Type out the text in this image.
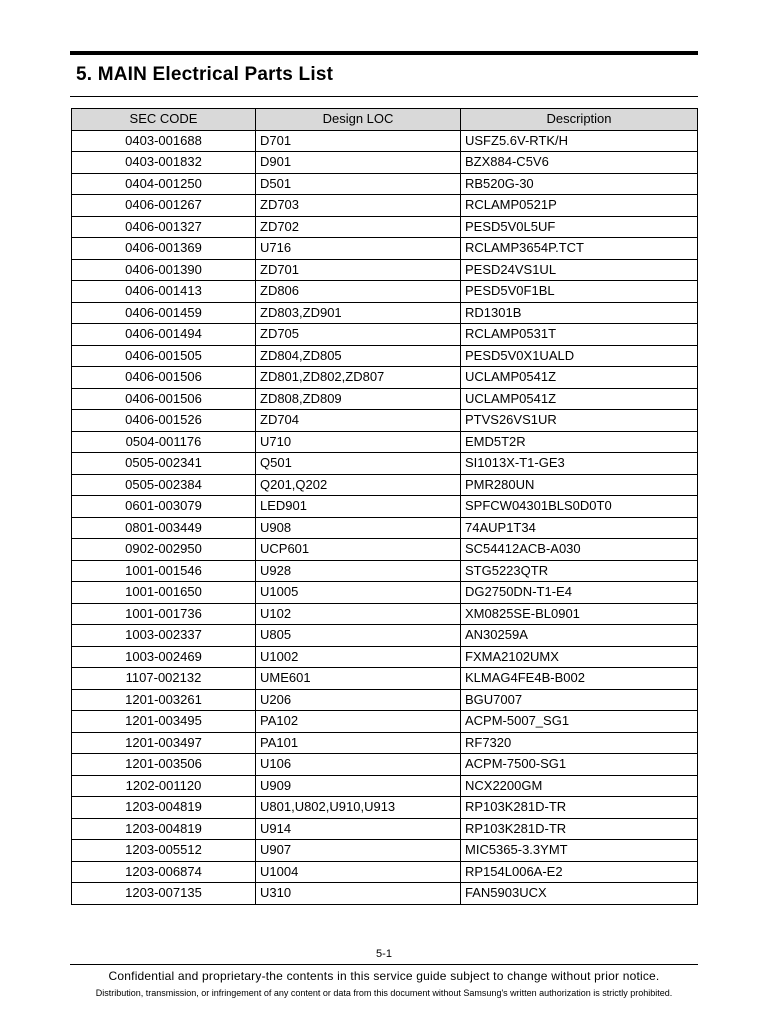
5. MAIN Electrical Parts List
SEC CODE	Design LOC	Description
0403-001688	D701	USFZ5.6V-RTK/H
0403-001832	D901	BZX884-C5V6
0404-001250	D501	RB520G-30
0406-001267	ZD703	RCLAMP0521P
0406-001327	ZD702	PESD5V0L5UF
0406-001369	U716	RCLAMP3654P.TCT
0406-001390	ZD701	PESD24VS1UL
0406-001413	ZD806	PESD5V0F1BL
0406-001459	ZD803,ZD901	RD1301B
0406-001494	ZD705	RCLAMP0531T
0406-001505	ZD804,ZD805	PESD5V0X1UALD
0406-001506	ZD801,ZD802,ZD807	UCLAMP0541Z
0406-001506	ZD808,ZD809	UCLAMP0541Z
0406-001526	ZD704	PTVS26VS1UR
0504-001176	U710	EMD5T2R
0505-002341	Q501	SI1013X-T1-GE3
0505-002384	Q201,Q202	PMR280UN
0601-003079	LED901	SPFCW04301BLS0D0T0
0801-003449	U908	74AUP1T34
0902-002950	UCP601	SC54412ACB-A030
1001-001546	U928	STG5223QTR
1001-001650	U1005	DG2750DN-T1-E4
1001-001736	U102	XM0825SE-BL0901
1003-002337	U805	AN30259A
1003-002469	U1002	FXMA2102UMX
1107-002132	UME601	KLMAG4FE4B-B002
1201-003261	U206	BGU7007
1201-003495	PA102	ACPM-5007_SG1
1201-003497	PA101	RF7320
1201-003506	U106	ACPM-7500-SG1
1202-001120	U909	NCX2200GM
1203-004819	U801,U802,U910,U913	RP103K281D-TR
1203-004819	U914	RP103K281D-TR
1203-005512	U907	MIC5365-3.3YMT
1203-006874	U1004	RP154L006A-E2
1203-007135	U310	FAN5903UCX
5-1
Confidential and proprietary-the contents in this service guide subject to change without prior notice.
Distribution, transmission, or infringement of any content or data from this document without Samsung's written authorization is strictly prohibited.
